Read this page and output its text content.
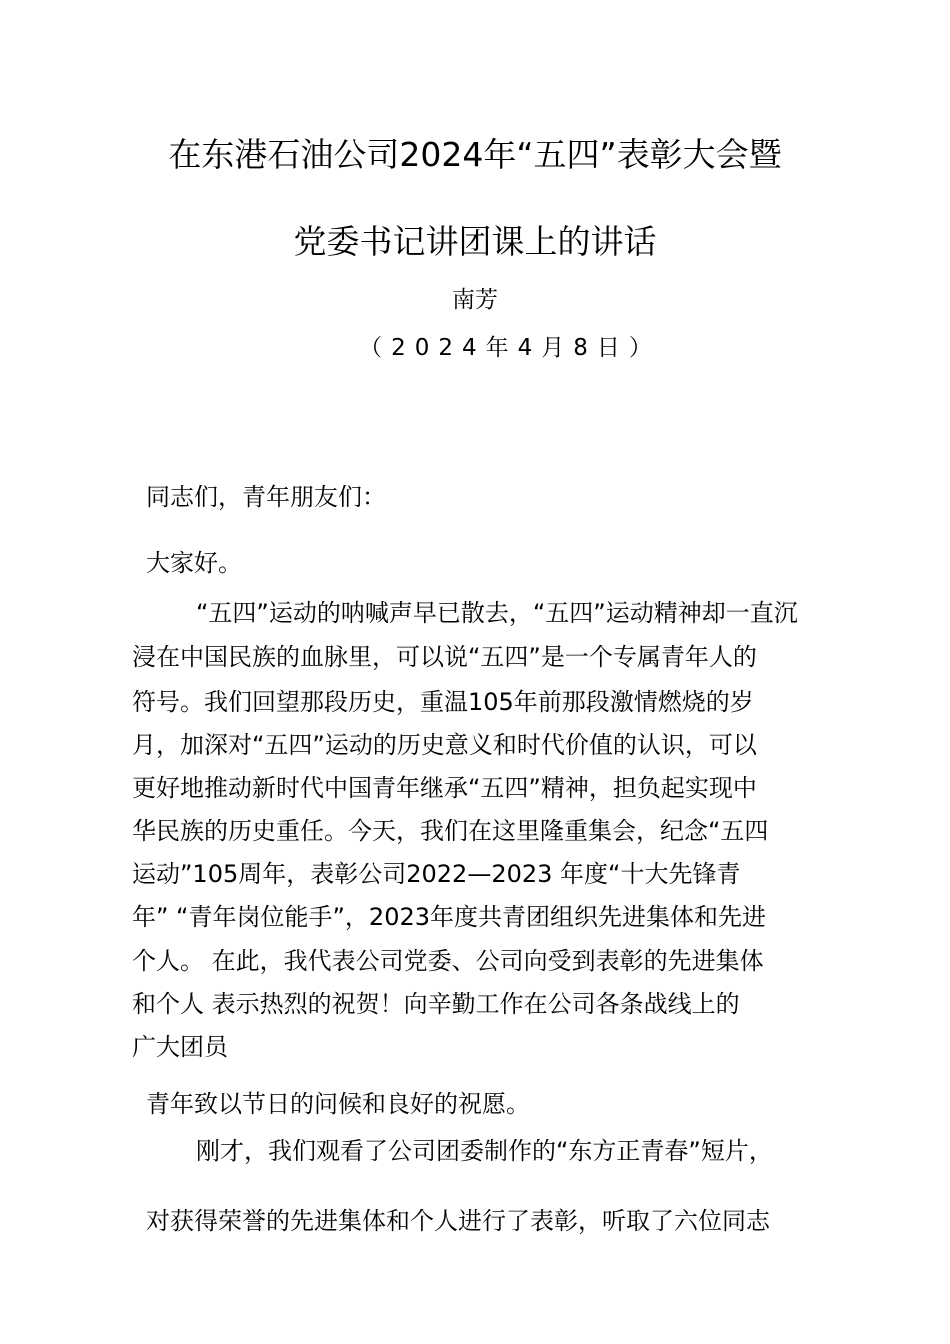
在东港石油公司2024年“五四”表彰大会暨
党委书记讲团课上的讲话
南芳
（2024年4月8日）
同志们，青年朋友们：
大家好。
“五四”运动的呐喊声早已散去，“五四”运动精神却一直沉
浸在中国民族的血脉里，可以说“五四”是一个专属青年人的
符号。我们回望那段历史，重温105年前那段激情燃烧的岁
月，加深对“五四”运动的历史意义和时代价值的认识，可以
更好地推动新时代中国青年继承“五四”精神，担负起实现中
华民族的历史重任。今天，我们在这里隆重集会，纪念“五四
运动”105周年，表彰公司2022—2023 年度“十大先锋青
年” “青年岗位能手”，2023年度共青团组织先进集体和先进
个人。 在此，我代表公司党委、公司向受到表彰的先进集体
和个人 表示热烈的祝贺！向辛勤工作在公司各条战线上的
广大团员
青年致以节日的问候和良好的祝愿。
刚才，我们观看了公司团委制作的“东方正青春”短片，
对获得荣誉的先进集体和个人进行了表彰，听取了六位同志
